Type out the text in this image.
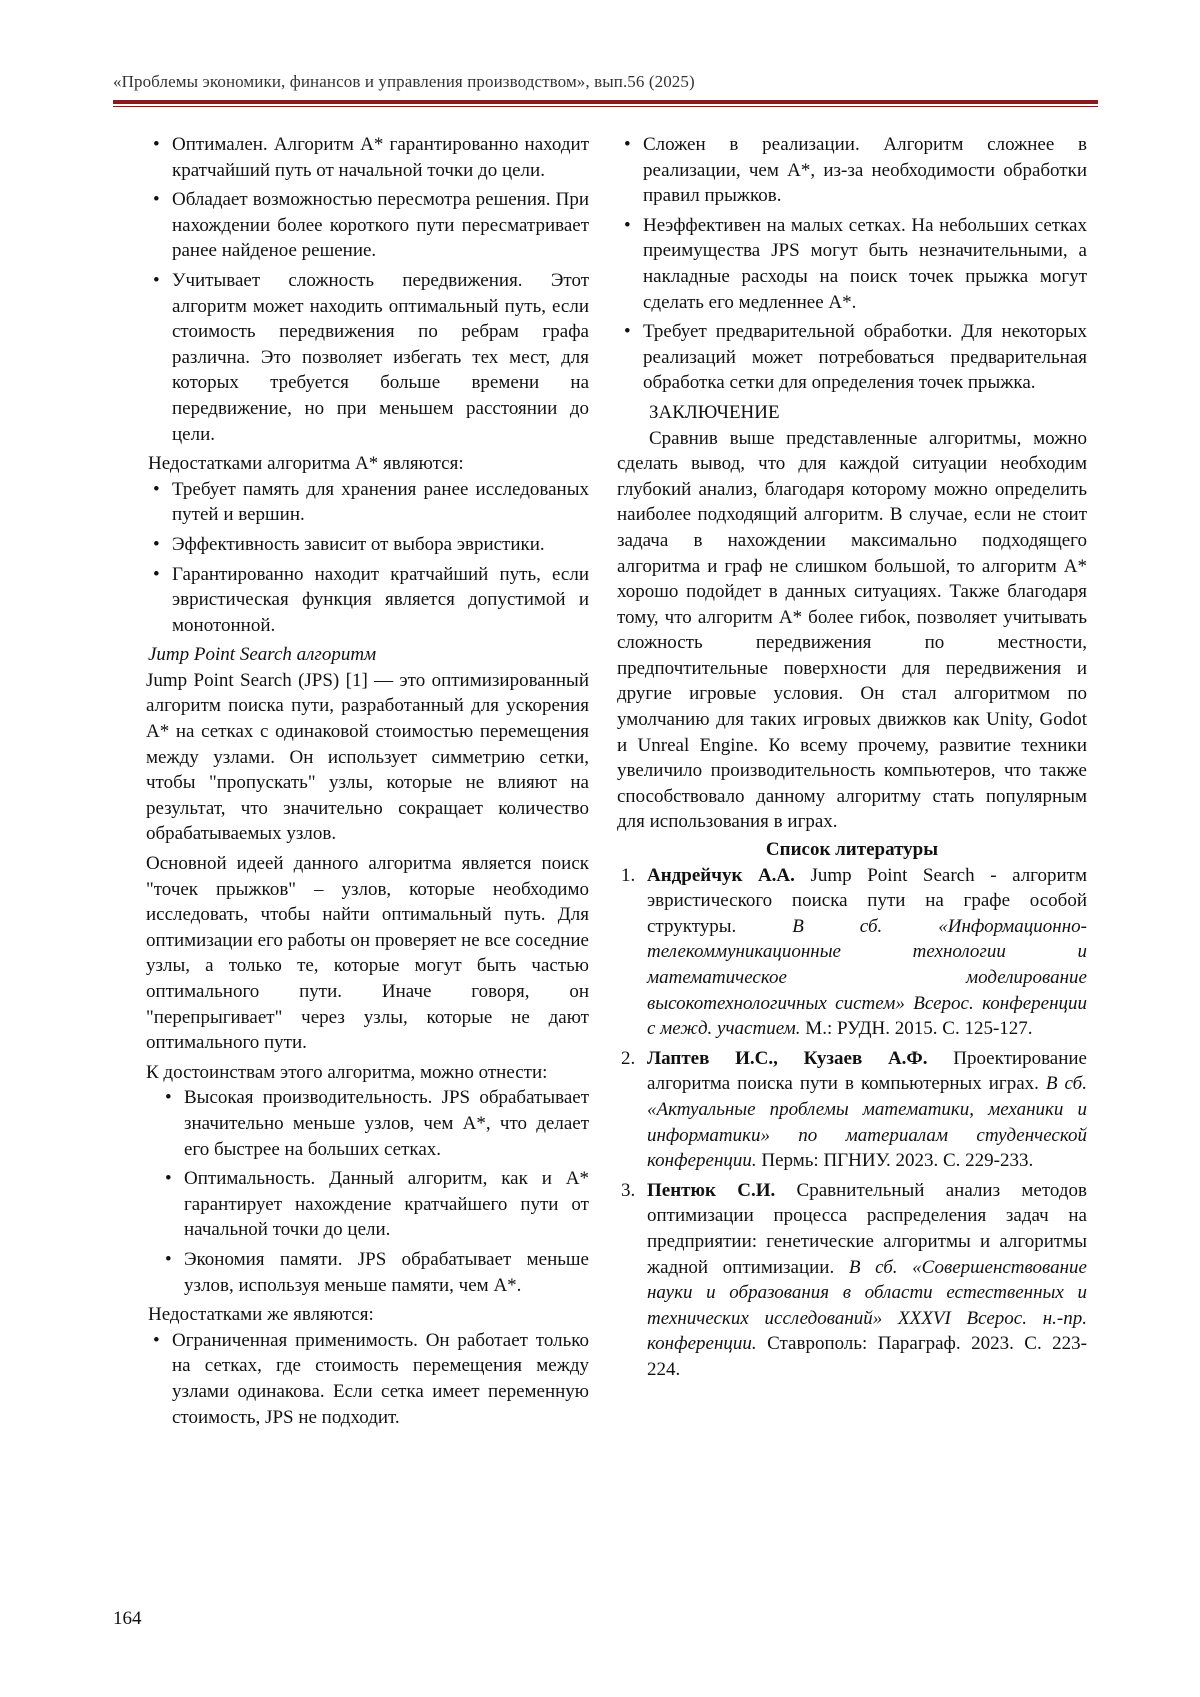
«Проблемы экономики, финансов и управления производством», вып.56 (2025)
• Оптимален. Алгоритм A* гарантированно находит кратчайший путь от начальной точки до цели.
• Обладает возможностью пересмотра решения. При нахождении более короткого пути пересматривает ранее найденое решение.
• Учитывает сложность передвижения. Этот алгоритм может находить оптимальный путь, если стоимость передвижения по ребрам графа различна. Это позволяет избегать тех мест, для которых требуется больше времени на передвижение, но при меньшем расстоянии до цели.

Недостатками алгоритма A* являются:

• Требует память для хранения ранее исследованых путей и вершин.
• Эффективность зависит от выбора эвристики.
• Гарантированно находит кратчайший путь, если эвристическая функция является допустимой и монотонной.

Jump Point Search алгоритм

Jump Point Search (JPS) [1] — это оптимизированный алгоритм поиска пути, разработанный для ускорения A* на сетках с одинаковой стоимостью перемещения между узлами. Он использует симметрию сетки, чтобы "пропускать" узлы, которые не влияют на результат, что значительно сокращает количество обрабатываемых узлов.

Основной идеей данного алгоритма является поиск "точек прыжков" – узлов, которые необходимо исследовать, чтобы найти оптимальный путь. Для оптимизации его работы он проверяет не все соседние узлы, а только те, которые могут быть частью оптимального пути. Иначе говоря, он "перепрыгивает" через узлы, которые не дают оптимального пути.

К достоинствам этого алгоритма, можно отнести:

• Высокая производительность. JPS обрабатывает значительно меньше узлов, чем A*, что делает его быстрее на больших сетках.
• Оптимальность. Данный алгоритм, как и A* гарантирует нахождение кратчайшего пути от начальной точки до цели.
• Экономия памяти. JPS обрабатывает меньше узлов, используя меньше памяти, чем A*.

Недостатками же являются:

• Ограниченная применимость. Он работает только на сетках, где стоимость перемещения между узлами одинакова. Если сетка имеет переменную стоимость, JPS не подходит.
• Сложен в реализации. Алгоритм сложнее в реализации, чем A*, из-за необходимости обработки правил прыжков.
• Неэффективен на малых сетках. На небольших сетках преимущества JPS могут быть незначительными, а накладные расходы на поиск точек прыжка могут сделать его медленнее A*.
• Требует предварительной обработки. Для некоторых реализаций может потребоваться предварительная обработка сетки для определения точек прыжка.

ЗАКЛЮЧЕНИЕ

Сравнив выше представленные алгоритмы, можно сделать вывод, что для каждой ситуации необходим глубокий анализ, благодаря которому можно определить наиболее подходящий алгоритм. В случае, если не стоит задача в нахождении максимально подходящего алгоритма и граф не слишком большой, то алгоритм A* хорошо подойдет в данных ситуациях. Также благодаря тому, что алгоритм A* более гибок, позволяет учитывать сложность передвижения по местности, предпочтительные поверхности для передвижения и другие игровые условия. Он стал алгоритмом по умолчанию для таких игровых движков как Unity, Godot и Unreal Engine. Ко всему прочему, развитие техники увеличило производительность компьютеров, что также способствовало данному алгоритму стать популярным для использования в играх.

Список литературы

1. Андрейчук А.А. Jump Point Search - алгоритм эвристического поиска пути на графе особой структуры. В сб. «Информационно-телекоммуникационные технологии и математическое моделирование высокотехнологичных систем» Всерос. конференции с межд. участием. М.: РУДН. 2015. С. 125-127.
2. Лаптев И.С., Кузаев А.Ф. Проектирование алгоритма поиска пути в компьютерных играх. В сб. «Актуальные проблемы математики, механики и информатики» по материалам студенческой конференции. Пермь: ПГНИУ. 2023. С. 229-233.
3. Пентюк С.И. Сравнительный анализ методов оптимизации процесса распределения задач на предприятии: генетические алгоритмы и алгоритмы жадной оптимизации. В сб. «Совершенствование науки и образования в области естественных и технических исследований» XXXVI Всерос. н.-пр. конференции. Ставрополь: Параграф. 2023. С. 223-224.
164
